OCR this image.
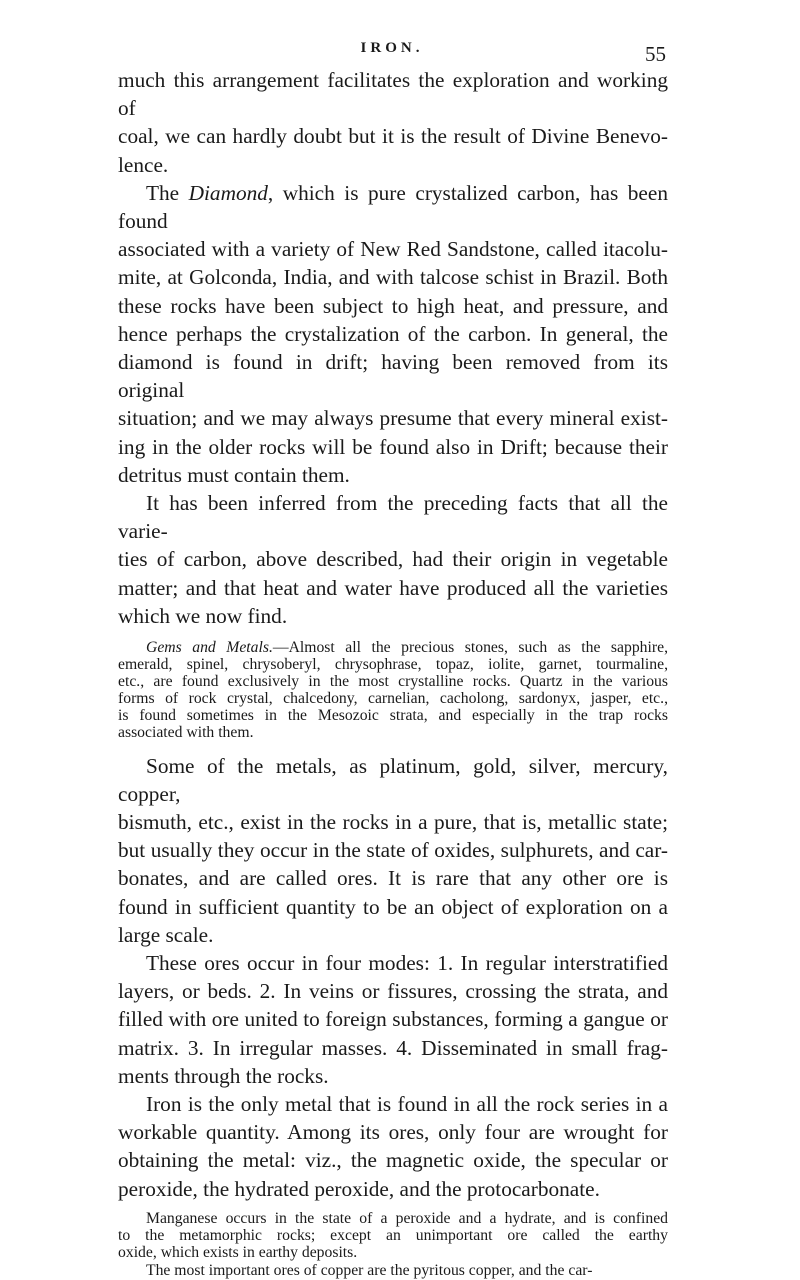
IRON.	55

much this arrangement facilitates the exploration and working of
coal, we can hardly doubt but it is the result of Divine Benevo-
lence.

The Diamond, which is pure crystalized carbon, has been found
associated with a variety of New Red Sandstone, called itacolu-
mite, at Golconda, India, and with talcose schist in Brazil. Both
these rocks have been subject to high heat, and pressure, and
hence perhaps the crystalization of the carbon. In general, the
diamond is found in drift; having been removed from its original
situation; and we may always presume that every mineral exist-
ing in the older rocks will be found also in Drift; because their
detritus must contain them.

It has been inferred from the preceding facts that all the varie-
ties of carbon, above described, had their origin in vegetable
matter; and that heat and water have produced all the varieties
which we now find.

Gems and Metals.—Almost all the precious stones, such as the sapphire,
emerald, spinel, chrysoberyl, chrysophrase, topaz, iolite, garnet, tourmaline,
etc., are found exclusively in the most crystalline rocks. Quartz in the various
forms of rock crystal, chalcedony, carnelian, cacholong, sardonyx, jasper, etc.,
is found sometimes in the Mesozoic strata, and especially in the trap rocks
associated with them.

Some of the metals, as platinum, gold, silver, mercury, copper,
bismuth, etc., exist in the rocks in a pure, that is, metallic state;
but usually they occur in the state of oxides, sulphurets, and car-
bonates, and are called ores. It is rare that any other ore is
found in sufficient quantity to be an object of exploration on a
large scale.

These ores occur in four modes: 1. In regular interstratified
layers, or beds. 2. In veins or fissures, crossing the strata, and
filled with ore united to foreign substances, forming a gangue or
matrix. 3. In irregular masses. 4. Disseminated in small frag-
ments through the rocks.

Iron is the only metal that is found in all the rock series in a
workable quantity. Among its ores, only four are wrought for
obtaining the metal: viz., the magnetic oxide, the specular or
peroxide, the hydrated peroxide, and the protocarbonate.

Manganese occurs in the state of a peroxide and a hydrate, and is confined
to the metamorphic rocks; except an unimportant ore called the earthy
oxide, which exists in earthy deposits.

The most important ores of copper are the pyritous copper, and the car-
